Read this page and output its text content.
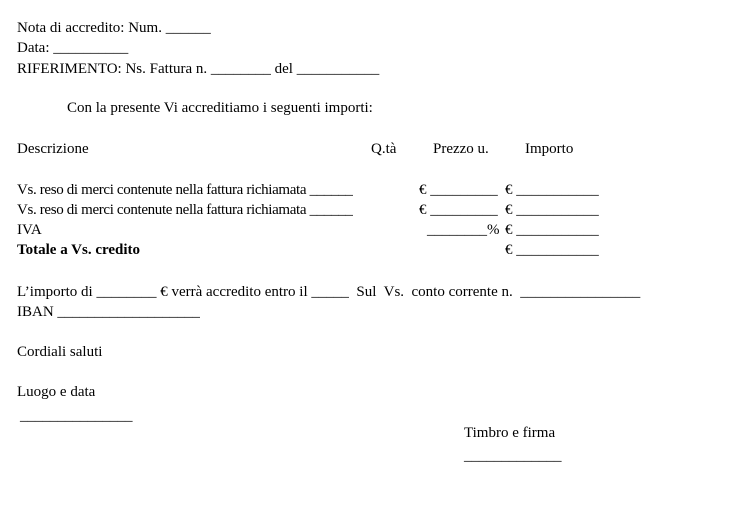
Nota di accredito: Num. ______
Data: __________
RIFERIMENTO: Ns. Fattura n. ________ del ___________
Con la presente Vi accreditiamo i seguenti importi:
Descrizione	Q.tà Prezzo u. Importo
Vs. reso di merci contenute nella fattura richiamata ______	€ _________ € ___________
Vs. reso di merci contenute nella fattura richiamata ______	€ _________ € ___________
IVA	________% € ___________
Totale a Vs. credito	€ ___________
L’importo di ________ € verrà accredito entro il _____  Sul  Vs.  conto corrente n.  ________________
IBAN ___________________
Cordiali saluti
Luogo e data
_______________
Timbro e firma
_____________
